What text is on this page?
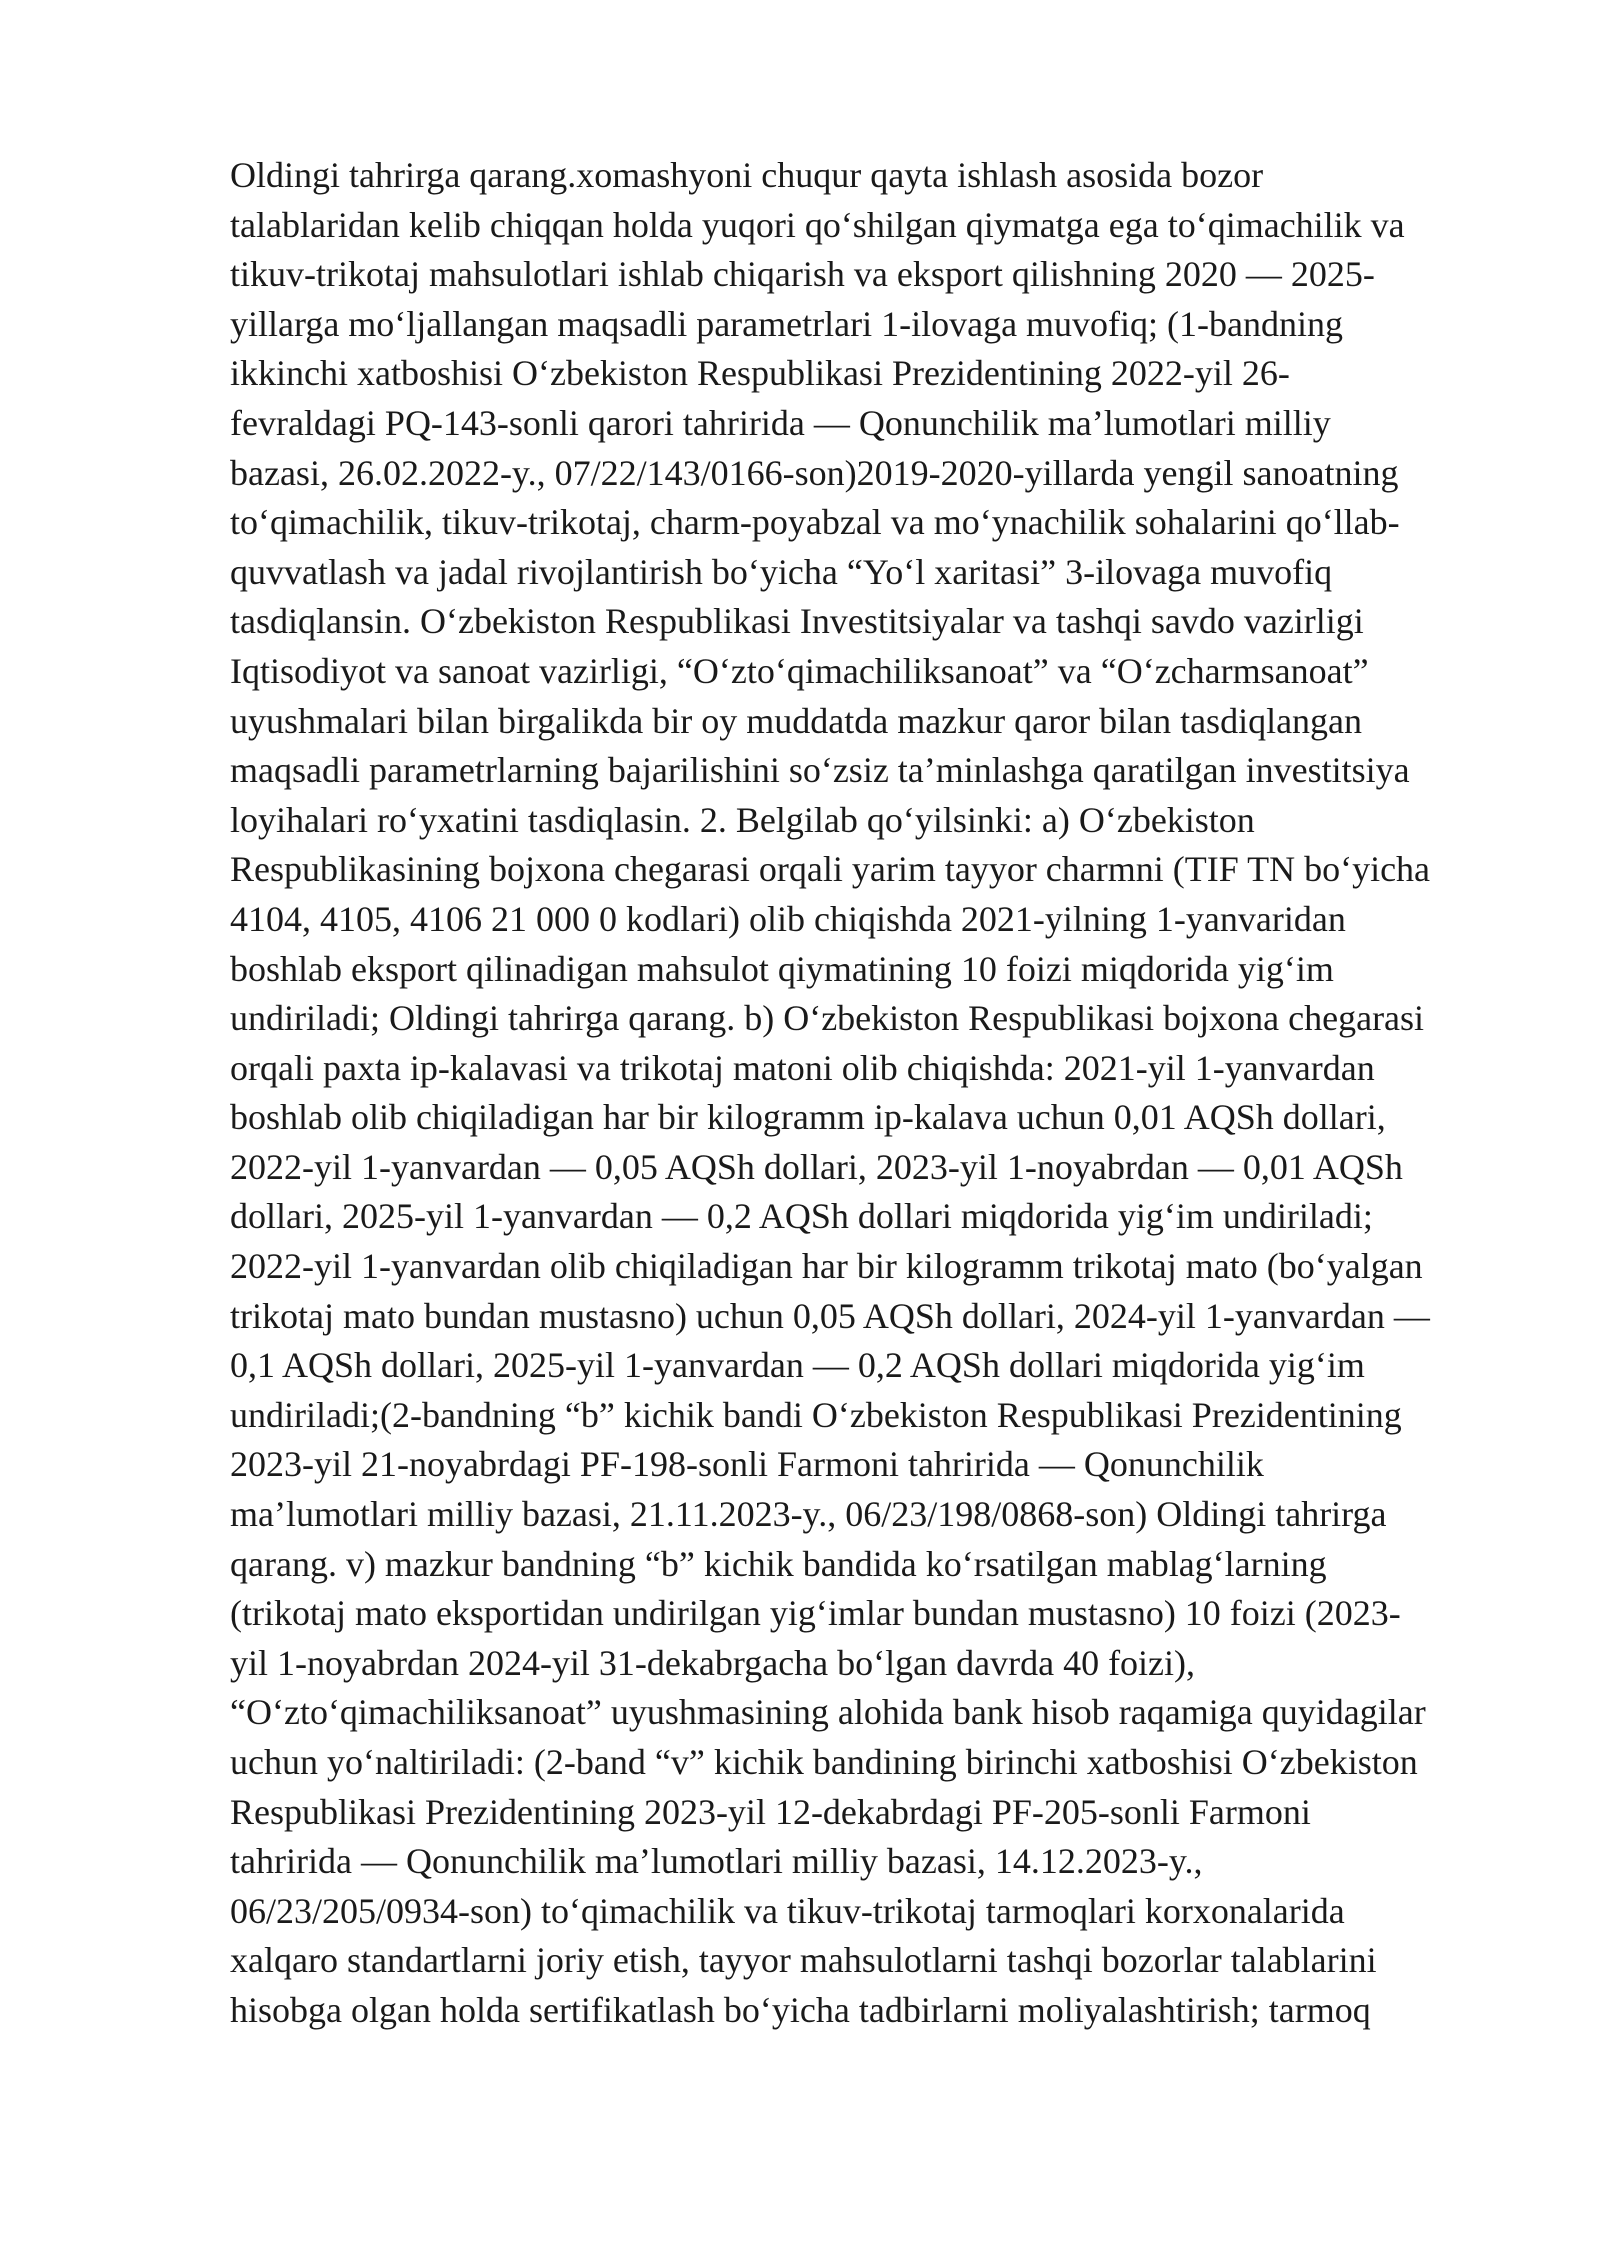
Oldingi tahrirga qarang.xomashyoni chuqur qayta ishlash asosida bozor
talablaridan kelib chiqqan holda yuqori qo‘shilgan qiymatga ega to‘qimachilik va
tikuv-trikotaj mahsulotlari ishlab chiqarish va eksport qilishning 2020 — 2025-
yillarga mo‘ljallangan maqsadli parametrlari 1-ilovaga muvofiq; (1-bandning
ikkinchi xatboshisi O‘zbekiston Respublikasi Prezidentining 2022-yil 26-
fevraldagi PQ-143-sonli qarori tahririda — Qonunchilik ma’lumotlari milliy
bazasi, 26.02.2022-y., 07/22/143/0166-son)2019-2020-yillarda yengil sanoatning
to‘qimachilik, tikuv-trikotaj, charm-poyabzal va mo‘ynachilik sohalarini qo‘llab-
quvvatlash va jadal rivojlantirish bo‘yicha “Yo‘l xaritasi” 3-ilovaga muvofiq
tasdiqlansin. O‘zbekiston Respublikasi Investitsiyalar va tashqi savdo vazirligi
Iqtisodiyot va sanoat vazirligi, “O‘zto‘qimachiliksanoat” va “O‘zcharmsanoat”
uyushmalari bilan birgalikda bir oy muddatda mazkur qaror bilan tasdiqlangan
maqsadli parametrlarning bajarilishini so‘zsiz ta’minlashga qaratilgan investitsiya
loyihalari ro‘yxatini tasdiqlasin. 2. Belgilab qo‘yilsinki: a) O‘zbekiston
Respublikasining bojxona chegarasi orqali yarim tayyor charmni (TIF TN bo‘yicha
4104, 4105, 4106 21 000 0 kodlari) olib chiqishda 2021-yilning 1-yanvaridan
boshlab eksport qilinadigan mahsulot qiymatining 10 foizi miqdorida yig‘im
undiriladi; Oldingi tahrirga qarang. b) O‘zbekiston Respublikasi bojxona chegarasi
orqali paxta ip-kalavasi va trikotaj matoni olib chiqishda: 2021-yil 1-yanvardan
boshlab olib chiqiladigan har bir kilogramm ip-kalava uchun 0,01 AQSh dollari,
2022-yil 1-yanvardan — 0,05 AQSh dollari, 2023-yil 1-noyabrdan — 0,01 AQSh
dollari, 2025-yil 1-yanvardan — 0,2 AQSh dollari miqdorida yig‘im undiriladi;
2022-yil 1-yanvardan olib chiqiladigan har bir kilogramm trikotaj mato (bo‘yalgan
trikotaj mato bundan mustasno) uchun 0,05 AQSh dollari, 2024-yil 1-yanvardan —
0,1 AQSh dollari, 2025-yil 1-yanvardan — 0,2 AQSh dollari miqdorida yig‘im
undiriladi;(2-bandning “b” kichik bandi O‘zbekiston Respublikasi Prezidentining
2023-yil 21-noyabrdagi PF-198-sonli Farmoni tahririda — Qonunchilik
ma’lumotlari milliy bazasi, 21.11.2023-y., 06/23/198/0868-son) Oldingi tahrirga
qarang. v) mazkur bandning “b” kichik bandida ko‘rsatilgan mablag‘larning
(trikotaj mato eksportidan undirilgan yig‘imlar bundan mustasno) 10 foizi (2023-
yil 1-noyabrdan 2024-yil 31-dekabrgacha bo‘lgan davrda 40 foizi),
“O‘zto‘qimachiliksanoat” uyushmasining alohida bank hisob raqamiga quyidagilar
uchun yo‘naltiriladi: (2-band “v” kichik bandining birinchi xatboshisi O‘zbekiston
Respublikasi Prezidentining 2023-yil 12-dekabrdagi PF-205-sonli Farmoni
tahririda — Qonunchilik ma’lumotlari milliy bazasi, 14.12.2023-y.,
06/23/205/0934-son) to‘qimachilik va tikuv-trikotaj tarmoqlari korxonalarida
xalqaro standartlarni joriy etish, tayyor mahsulotlarni tashqi bozorlar talablarini
hisobga olgan holda sertifikatlash bo‘yicha tadbirlarni moliyalashtirish; tarmoq
